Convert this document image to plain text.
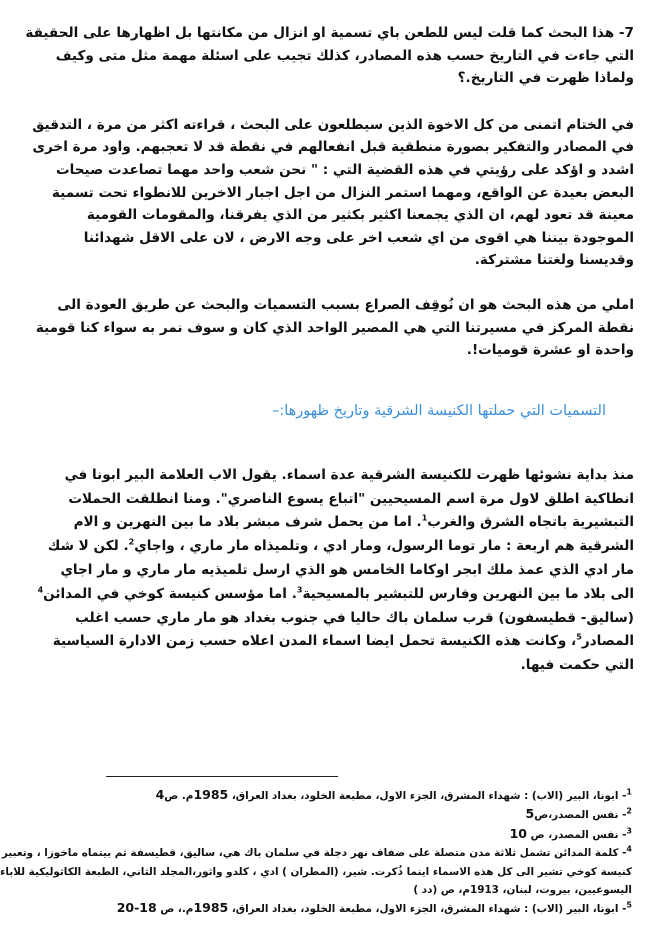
7- هذا البحث كما قلت ليس للطعن باي تسمية او انزال من مكانتها بل اظهارها على الحقيقة
التي جاءت في التاريخ حسب هذه المصادر، كذلك تجيب على اسئلة مهمة مثل متى وكيف
ولماذا ظهرت في التاريخ.؟

في الختام اتمنى من كل الاخوة الذين سيطلعون على البحث ، قراءته اكثر من مرة ، التدقيق
في المصادر والتفكير بصورة منطقية قبل انفعالهم في نقطة قد لا تعجبهم. واود مرة اخرى
اشدد و اؤكد على رؤيتي في هذه القضية التي : " نحن شعب واحد مهما تصاعدت صيحات
البعض بعيدة عن الواقع، ومهما استمر النزال من اجل اجبار الاخرين للانطواء تحت تسمية
معينة قد تعود لهم، ان الذي يجمعنا اكثير بكثير من الذي يفرقنا، والمقومات القومية
الموجودة بيننا هي اقوى من اي شعب اخر على وجه الارض ، لان على الاقل شهدائنا
وقديسنا ولغتنا مشتركة.

املي من هذه البحث هو ان نُوقِف الصراع بسبب التسميات والبحث عن طريق العودة الى
نقطة المركز في مسيرتنا التي هي المصير الواحد الذي كان و سوف نمر به سواء كنا قومية
واحدة او عشرة قوميات!.

التسميات التي حملتها الكنيسة الشرقية وتاريخ ظهورها:–

منذ بداية نشوئها ظهرت للكنيسة الشرقية عدة اسماء. يقول الاب العلامة البير ابونا في
انطاكية اطلق لاول مرة اسم المسيحيين "اتباع يسوع الناصري". ومنا انطلقت الحملات
التبشيرية باتجاه الشرق والغرب$^1$. اما من يحمل شرف مبشر بلاد ما بين النهرين و الام
الشرقية هم اربعة : مار توما الرسول، ومار ادي ، وتلميذاه مار ماري ، واجاي$^2$. لكن لا شك
مار ادي الذي عمذ ملك ابجر اوكاما الخامس هو الذي ارسل تلميذيه مار ماري و مار اجاي
الى بلاد ما بين النهرين وفارس للتبشير بالمسيحية$^3$. اما مؤسس كنيسة كوخي في المدائن$^4$
(ساليق- قطيسفون) قرب سلمان باك حاليا في جنوب بغداد هو مار ماري حسب اغلب
المصادر$^5$، وكانت هذه الكنيسة تحمل ايضا اسماء المدن اعلاه حسب زمن الادارة السياسية
التي حكمت فيها.

$^1$- ابونا، البير (الاب) : شهداء المشرق، الجزء الاول، مطبعة الخلود، بغداد العراق، 1985م. ص4
$^2$- نفس المصدر،ص5
$^3$- نفس المصدر، ص 10
$^4$- كلمة المدائن تشمل ثلاثة مدن متصلة على ضفاف نهر دجلة في سلمان باك هي، ساليق، قطيسفة ثم بيتماه ماخوزا ، وتعبير
كنيسة كوخي تشير الى كل هذه الاسماء اينما ذُكرت. شير، (المطران ) ادي ، كلدو واثور،المجلد الثاني، الطبعة الكاثوليكية للاباء
اليسوعيين، بيروت، لبنان، 1913م، ص (دد )
$^5$- ابونا، البير (الاب) : شهداء المشرق، الجزء الاول، مطبعة الخلود، بغداد العراق، 1985م.، ص 18-20
